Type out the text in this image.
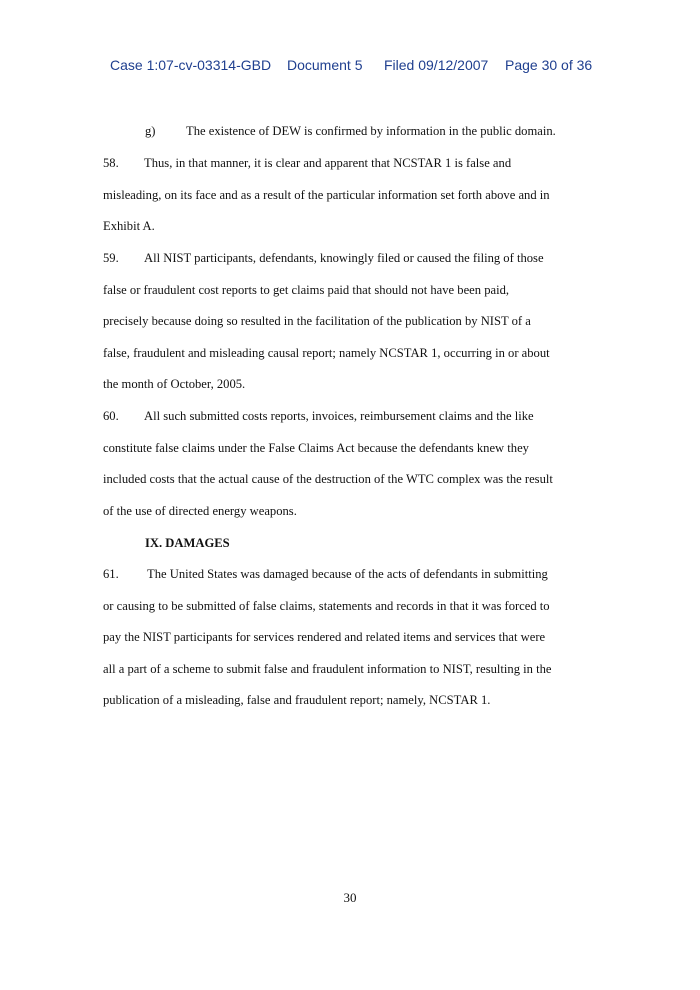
Case 1:07-cv-03314-GBD Document 5 Filed 09/12/2007 Page 30 of 36
g) The existence of DEW is confirmed by information in the public domain.
58. Thus, in that manner, it is clear and apparent that NCSTAR 1 is false and
misleading, on its face and as a result of the particular information set forth above and in
Exhibit A.
59. All NIST participants, defendants, knowingly filed or caused the filing of those
false or fraudulent cost reports to get claims paid that should not have been paid,
precisely because doing so resulted in the facilitation of the publication by NIST of a
false, fraudulent and misleading causal report; namely NCSTAR 1, occurring in or about
the month of October, 2005.
60. All such submitted costs reports, invoices, reimbursement claims and the like
constitute false claims under the False Claims Act because the defendants knew they
included costs that the actual cause of the destruction of the WTC complex was the result
of the use of directed energy weapons.
IX. DAMAGES
61. The United States was damaged because of the acts of defendants in submitting
or causing to be submitted of false claims, statements and records in that it was forced to
pay the NIST participants for services rendered and related items and services that were
all a part of a scheme to submit false and fraudulent information to NIST, resulting in the
publication of a misleading, false and fraudulent report; namely, NCSTAR 1.
30
